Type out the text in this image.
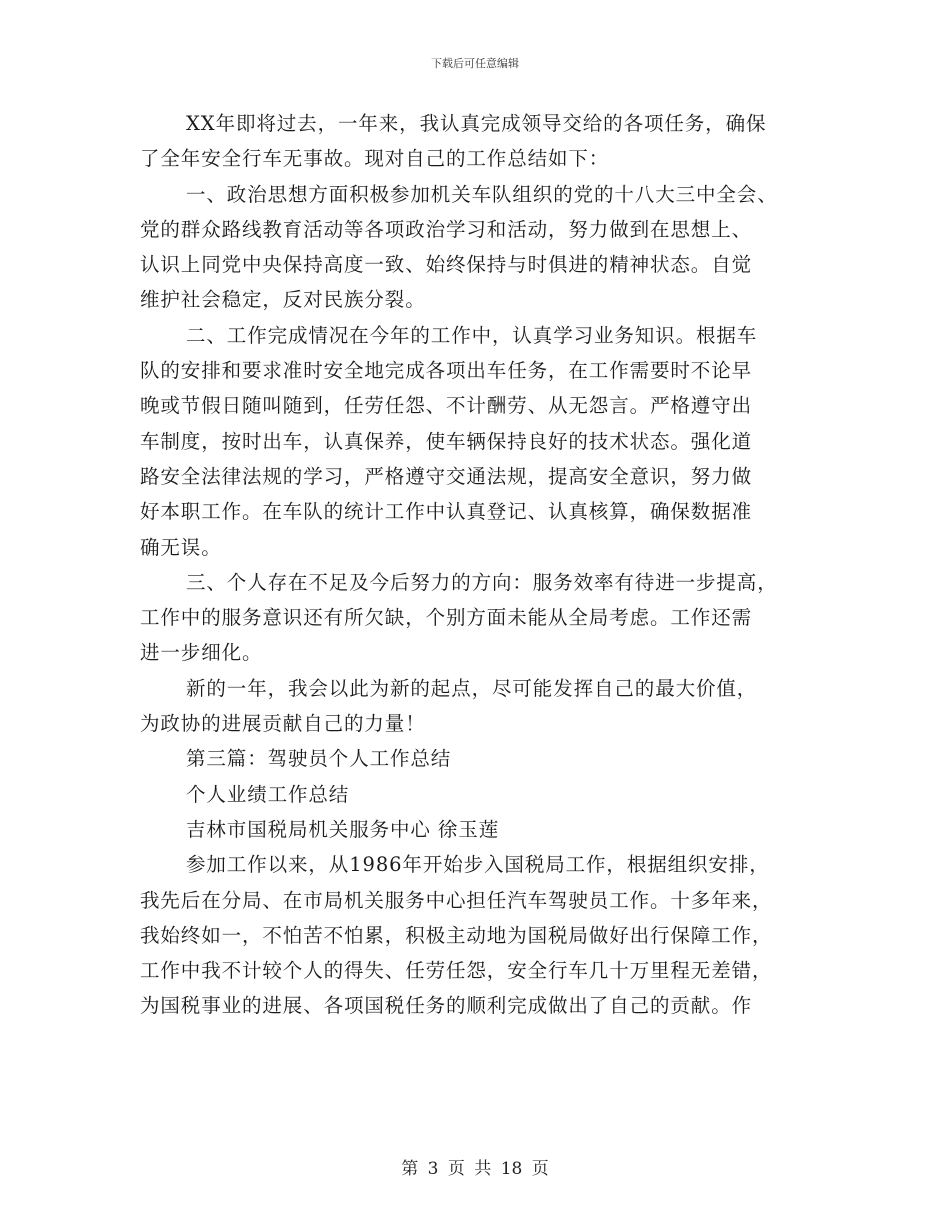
下载后可任意编辑
XX年即将过去，一年来，我认真完成领导交给的各项任务，确保
了全年安全行车无事故。现对自己的工作总结如下：
一、政治思想方面积极参加机关车队组织的党的十八大三中全会、
党的群众路线教育活动等各项政治学习和活动，努力做到在思想上、
认识上同党中央保持高度一致、始终保持与时俱进的精神状态。自觉
维护社会稳定，反对民族分裂。
二、工作完成情况在今年的工作中，认真学习业务知识。根据车
队的安排和要求准时安全地完成各项出车任务，在工作需要时不论早
晚或节假日随叫随到，任劳任怨、不计酬劳、从无怨言。严格遵守出
车制度，按时出车，认真保养，使车辆保持良好的技术状态。强化道
路安全法律法规的学习，严格遵守交通法规，提高安全意识，努力做
好本职工作。在车队的统计工作中认真登记、认真核算，确保数据准
确无误。
三、个人存在不足及今后努力的方向：服务效率有待进一步提高，
工作中的服务意识还有所欠缺，个别方面未能从全局考虑。工作还需
进一步细化。
新的一年，我会以此为新的起点，尽可能发挥自己的最大价值，
为政协的进展贡献自己的力量！
第三篇：驾驶员个人工作总结
个人业绩工作总结
吉林市国税局机关服务中心 徐玉莲
参加工作以来，从1986年开始步入国税局工作，根据组织安排，
我先后在分局、在市局机关服务中心担任汽车驾驶员工作。十多年来，
我始终如一，不怕苦不怕累，积极主动地为国税局做好出行保障工作，
工作中我不计较个人的得失、任劳任怨，安全行车几十万里程无差错，
为国税事业的进展、各项国税任务的顺利完成做出了自己的贡献。作
第 3 页 共 18 页
